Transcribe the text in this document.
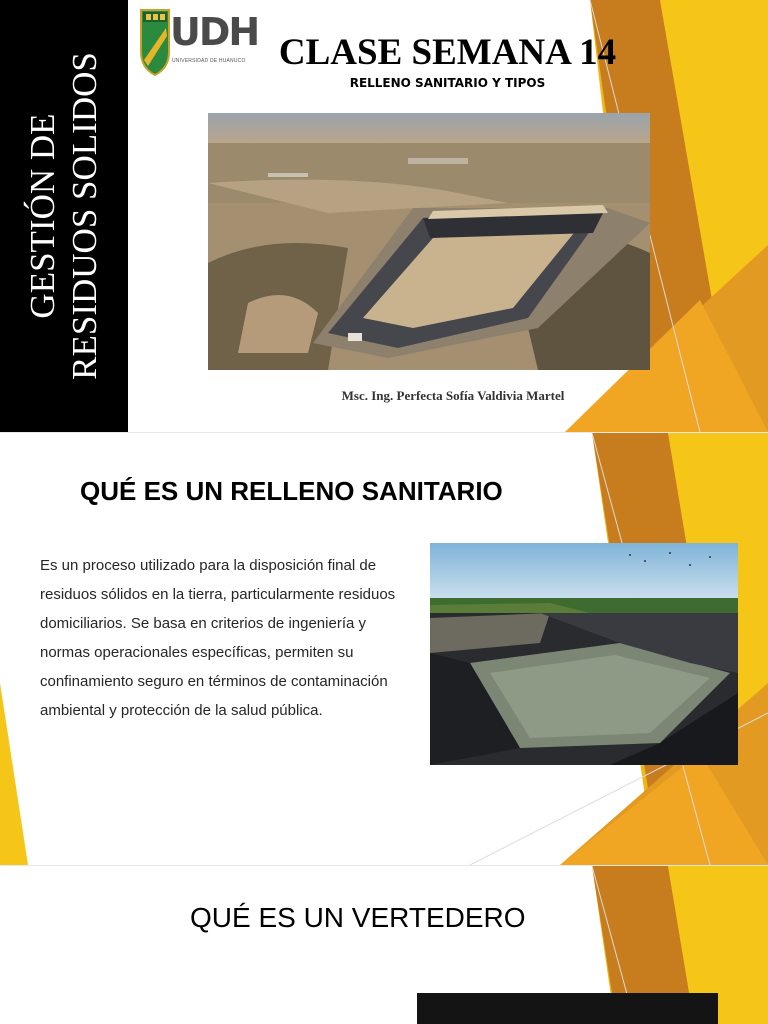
GESTIÓN DE RESIDUOS SOLIDOS
UDH
UNIVERSIDAD DE HUANUCO CLASE SEMANA 14
RELLENO SANITARIO Y TIPOS
Msc. Ing. Perfecta Sofía Valdivia Martel
QUÉ ES UN RELLENO SANITARIO
Es un proceso utilizado para la disposición final de residuos sólidos en la tierra, particularmente residuos domiciliarios. Se basa en criterios de ingeniería y normas operacionales específicas, permiten su confinamiento seguro en términos de contaminación ambiental y protección de la salud pública.
QUÉ ES UN VERTEDERO
